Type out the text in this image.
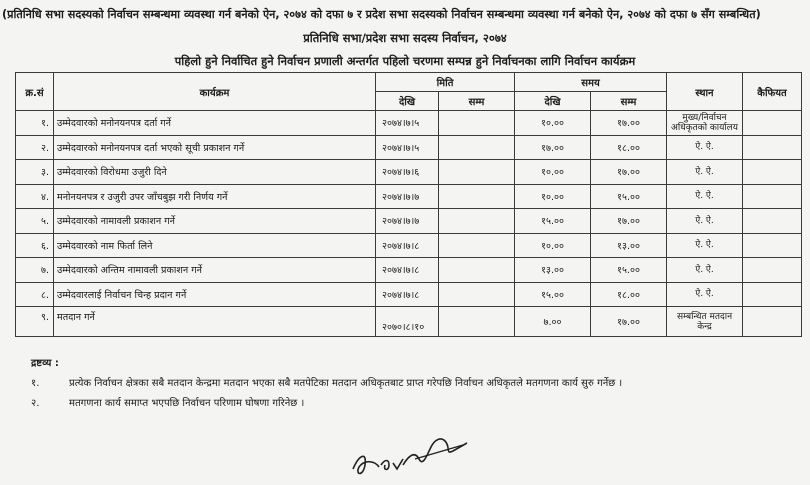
(प्रतिनिधि सभा सदस्यको निर्वाचन सम्बन्धमा व्यवस्था गर्न बनेको ऐन, २०७४ को दफा ७ र प्रदेश सभा सदस्यको निर्वाचन सम्बन्धमा व्यवस्था गर्न बनेको ऐन, २०७४ को दफा ७ सँग सम्बन्धित)
प्रतिनिधि सभा/प्रदेश सभा सदस्य निर्वाचन, २०७४
पहिलो हुने निर्वाचित हुने निर्वाचन प्रणाली अन्तर्गत पहिलो चरणमा सम्पन्न हुने निर्वाचनका लागि निर्वाचन कार्यक्रम
क्र.सं	कार्यक्रम	मिति		समय		स्थान	कैफियत
		देखि	सम्म	देखि	सम्म		
१.	उम्मेदवारको मनोनयनपत्र दर्ता गर्ने	२०७४।७।५		१०.००	१७.००	मुख्य/निर्वाचन अधिकृतको कार्यालय	
२.	उम्मेदवारको मनोनयनपत्र दर्ता भएको सूची प्रकाशन गर्ने	२०७४।७।५		१७.००	१८.००	ऐ. ऐ.	
३.	उम्मेदवारको विरोधमा उजुरी दिने	२०७४।७।६		१०.००	१७.००	ऐ. ऐ.	
४.	मनोनयनपत्र र उजुरी उपर जाँचबुझ गरी निर्णय गर्ने	२०७४।७।७		१०.००	१५.००	ऐ. ऐ.	
५.	उम्मेदवारको नामावली प्रकाशन गर्ने	२०७४।७।७		१५.००	१७.००	ऐ. ऐ.	
६.	उम्मेदवारको नाम फिर्ता लिने	२०७४।७।८		१०.००	१३.००	ऐ. ऐ.	
७.	उम्मेदवारको अन्तिम नामावली प्रकाशन गर्ने	२०७४।७।८		१३.००	१५.००	ऐ. ऐ.	
८.	उम्मेदवारलाई निर्वाचन चिन्ह प्रदान गर्ने	२०७४।७।८		१५.००	१८.००	ऐ. ऐ.	
९.	मतदान गर्ने	२०७०।८।१०		७.००	१७.००	सम्बन्धित मतदान केन्द्र	
द्रष्टव्य :
१.	प्रत्येक निर्वाचन क्षेत्रका सबै मतदान केन्द्रमा मतदान भएका सबै मतपेटिका मतदान अधिकृतबाट प्राप्त गरेपछि निर्वाचन अधिकृतले मतगणना कार्य सुरु गर्नेछ ।
२.	मतगणना कार्य समाप्त भएपछि निर्वाचन परिणाम घोषणा गरिनेछ ।
